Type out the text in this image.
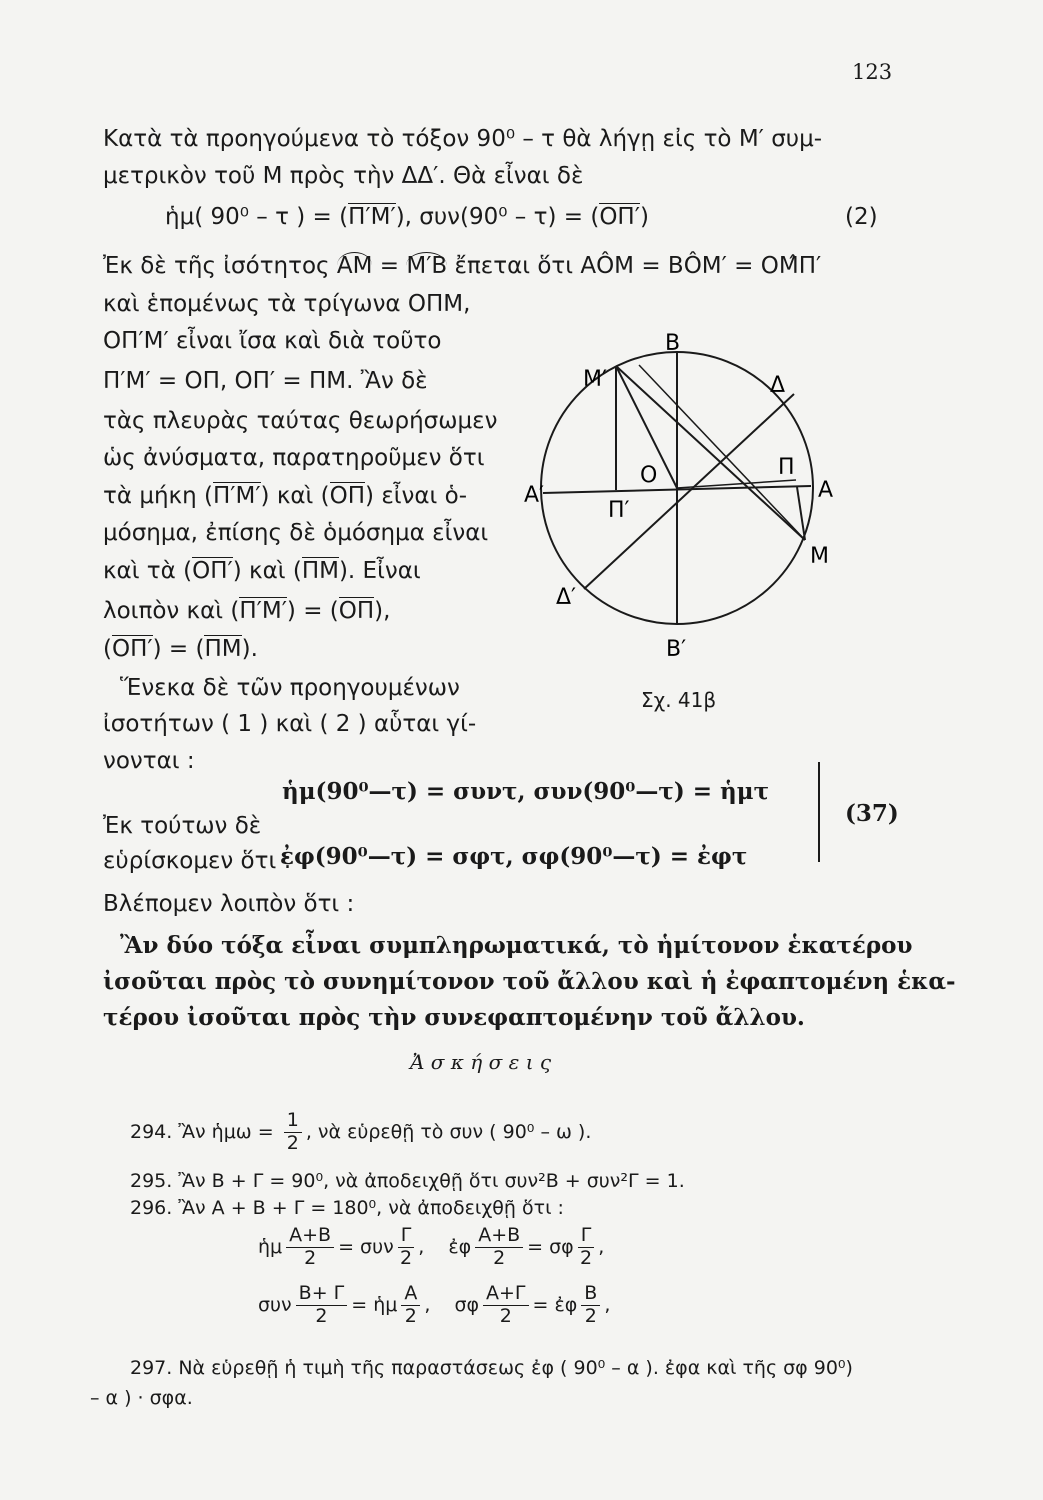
123
Κατὰ τὰ προηγούμενα τὸ τόξον 90⁰ – τ θὰ λήγῃ εἰς τὸ Μ′ συμ-
μετρικὸν τοῦ Μ πρὸς τὴν ΔΔ′. Θὰ εἶναι δὲ
ἡμ( 90⁰ – τ ) = (Π′Μ′), συν(90⁰ – τ) = (ΟΠ′)	(2)
Ἐκ δὲ τῆς ἰσότητος ΑΜ = Μ′Β ἔπεται ὅτι ΑÔΜ = ΒÔΜ′ = ΟΜ̂Π′
καὶ ἑπομένως τὰ τρίγωνα ΟΠΜ,
ΟΠ′Μ′ εἶναι ἴσα καὶ διὰ τοῦτο
Π′Μ′ = ΟΠ, ΟΠ′ = ΠΜ. Ἂν δὲ
τὰς πλευρὰς ταύτας θεωρήσωμεν
ὡς ἀνύσματα, παρατηροῦμεν ὅτι
τὰ μήκη (Π′Μ′) καὶ (ΟΠ) εἶναι ὁ-
μόσημα, ἐπίσης δὲ ὁμόσημα εἶναι
καὶ τὰ (ΟΠ′) καὶ (ΠΜ). Εἶναι
λοιπὸν καὶ (Π′Μ′) = (ΟΠ),
(ΟΠ′) = (ΠΜ).
Ἕνεκα δὲ τῶν προηγουμένων
ἰσοτήτων ( 1 ) καὶ ( 2 ) αὗται γί-
νονται :
Β
Β′
Μ′	Δ
Π
Α
Ο
Α′
Π′
Μ
Δ′
Σχ. 41β
ἡμ(90⁰—τ) = συντ, συν(90⁰—τ) = ἡμτ
Ἐκ τούτων δὲ
εὑρίσκομεν ὅτι :
ἐφ(90⁰—τ) = σφτ, σφ(90⁰—τ) = ἐφτ
(37)
Βλέπομεν λοιπὸν ὅτι :
Ἂν δύο τόξα εἶναι συμπληρωματικά, τὸ ἡμίτονον ἑκατέρου
ἰσοῦται πρὸς τὸ συνημίτονον τοῦ ἄλλου καὶ ἡ ἐφαπτομένη ἑκα-
τέρου ἰσοῦται πρὸς τὴν συνεφαπτομένην τοῦ ἄλλου.
Ἀ σ κ ή σ ε ι ς
294. Ἂν ἡμω = $\frac{1}{2}$ , νὰ εὑρεθῇ τὸ συν ( 90⁰ – ω ).
295. Ἂν Β + Γ = 90⁰, νὰ ἀποδειχθῇ ὅτι συν²Β + συν²Γ = 1.
296. Ἂν Α + Β + Γ = 180⁰, νὰ ἀποδειχθῇ ὅτι :
ἡμ $\frac{A+B}{2} = \sigma\upsilon\nu \frac{\Gamma}{2}$ , ἐφ $\frac{A+B}{2} = \sigma\varphi \frac{\Gamma}{2}$ ,
συν $\frac{B+ \Gamma}{2}$ = ἡμ $\frac{A}{2}$ , σφ $\frac{A+\Gamma}{2}$ = ἐφ $\frac{B}{2}$ ,
297. Νὰ εὑρεθῇ ἡ τιμὴ τῆς παραστάσεως ἐφ ( 90⁰ – α ). ἐφα καὶ τῆς σφ 90⁰)
– α ) · σφα.
